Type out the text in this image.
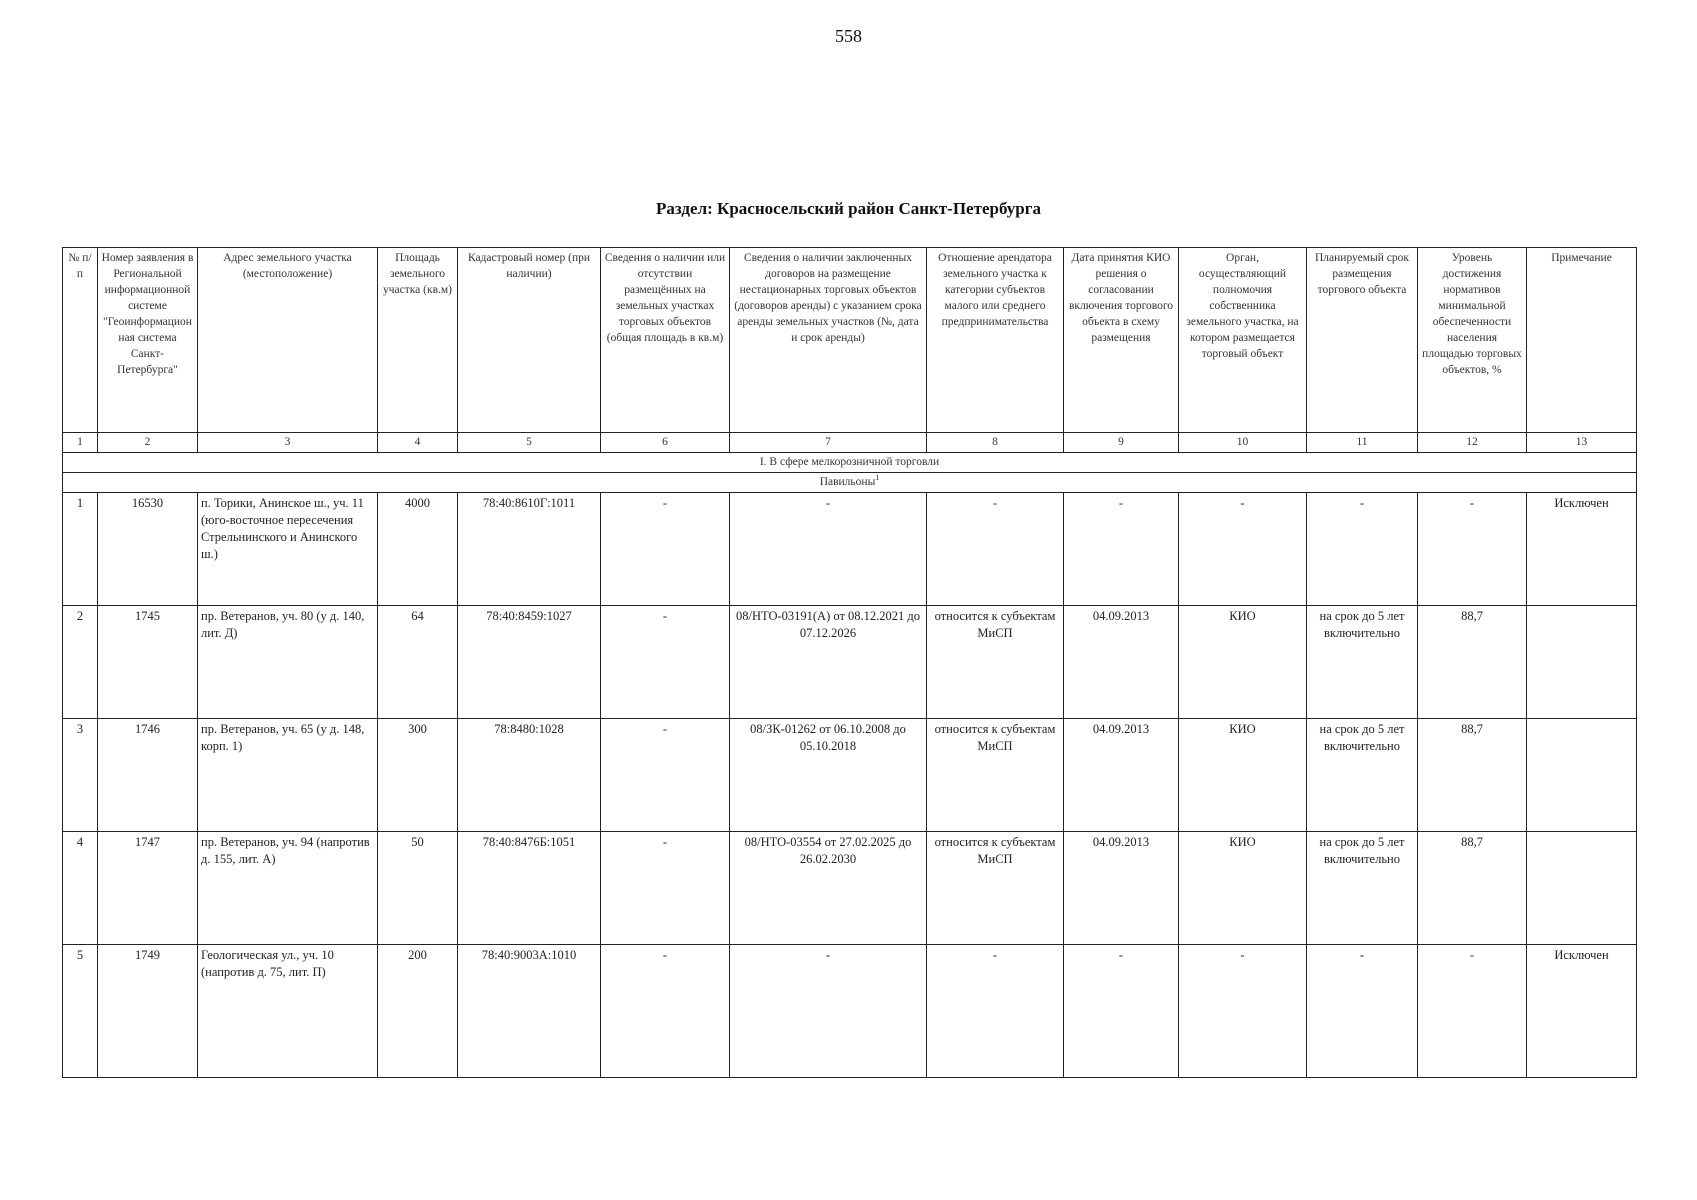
558
Раздел: Красносельский район Санкт-Петербурга
№ п/п	Номер заявления в Региональной информационной системе "Геоинформационная система Санкт-Петербурга"	Адрес земельного участка (местоположение)	Площадь земельного участка (кв.м)	Кадастровый номер (при наличии)	Сведения о наличии или отсутствии размещённых на земельных участках торговых объектов (общая площадь в кв.м)	Сведения о наличии заключенных договоров на размещение нестационарных торговых объектов (договоров аренды) с указанием срока аренды земельных участков (№, дата и срок аренды)	Отношение арендатора земельного участка к категории субъектов малого или среднего предпринимательства	Дата принятия КИО решения о согласовании включения торгового объекта в схему размещения	Орган, осуществляющий полномочия собственника земельного участка, на котором размещается торговый объект	Планируемый срок размещения торгового объекта	Уровень достижения нормативов минимальной обеспеченности населения площадью торговых объектов, %	Примечание
1	2	3	4	5	6	7	8	9	10	11	12	13
I. В сфере мелкорозничной торговли												
Павильоны$^1$
1	16530	п. Торики, Анинское ш., уч. 11 (юго-восточное пересечения Стрельнинского и Анинского ш.)	4000	78:40:8610Г:1011	-	-	-	-	-	-	-	Исключен
2	1745	пр. Ветеранов, уч. 80 (у д. 140, лит. Д)	64	78:40:8459:1027	-	08/НТО-03191(А) от 08.12.2021 до 07.12.2026	относится к субъектам МиСП	04.09.2013	КИО	на срок до 5 лет включительно	88,7	
3	1746	пр. Ветеранов, уч. 65 (у д. 148, корп. 1)	300	78:8480:1028	-	08/ЗК-01262 от 06.10.2008 до 05.10.2018	относится к субъектам МиСП	04.09.2013	КИО	на срок до 5 лет включительно	88,7	
4	1747	пр. Ветеранов, уч. 94 (напротив д. 155, лит. А)	50	78:40:8476Б:1051	-	08/НТО-03554 от 27.02.2025 до 26.02.2030	относится к субъектам МиСП	04.09.2013	КИО	на срок до 5 лет включительно	88,7	
5	1749	Геологическая ул., уч. 10 (напротив д. 75, лит. П)	200	78:40:9003А:1010	-	-	-	-	-	-	-	Исключен
